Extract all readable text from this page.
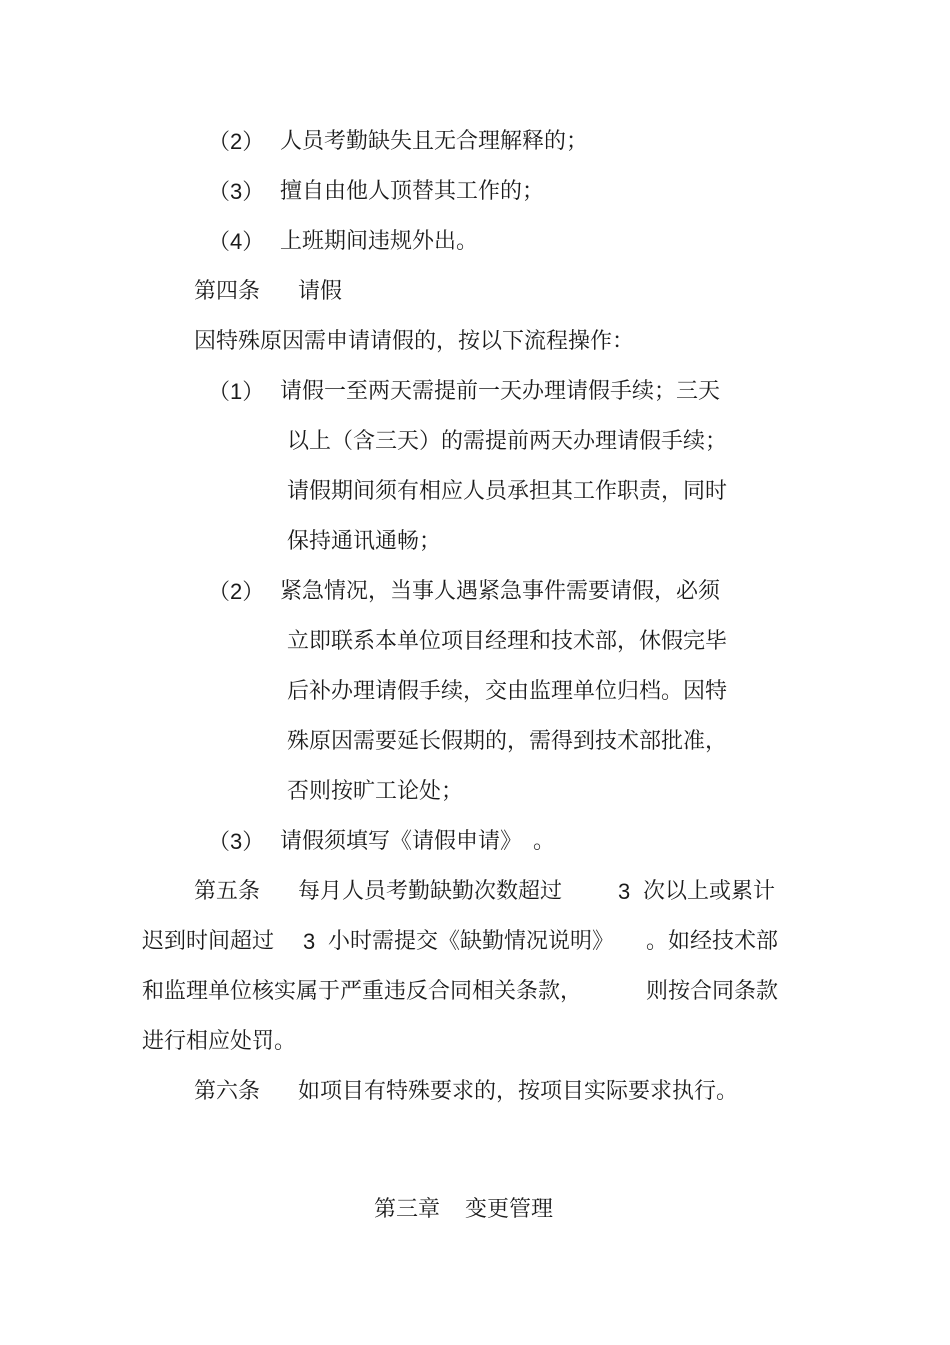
（2） 人员考勤缺失且无合理解释的；
（3） 擅自由他人顶替其工作的；
（4） 上班期间违规外出。
第四条 请假
因特殊原因需申请请假的，按以下流程操作：
（1） 请假一至两天需提前一天办理请假手续；三天
以上（含三天）的需提前两天办理请假手续；
请假期间须有相应人员承担其工作职责，同时
保持通讯通畅；
（2） 紧急情况，当事人遇紧急事件需要请假，必须
立即联系本单位项目经理和技术部，休假完毕
后补办理请假手续，交由监理单位归档。因特
殊原因需要延长假期的，需得到技术部批准，
否则按旷工论处；
（3） 请假须填写《请假申请》　。
第五条 每月人员考勤缺勤次数超过	3 次以上或累计
迟到时间超过 3 小时需提交《缺勤情况说明》 。如经技术部
和监理单位核实属于严重违反合同相关条款，	则按合同条款
进行相应处罚。
第六条 如项目有特殊要求的，按项目实际要求执行。
第三章 变更管理
